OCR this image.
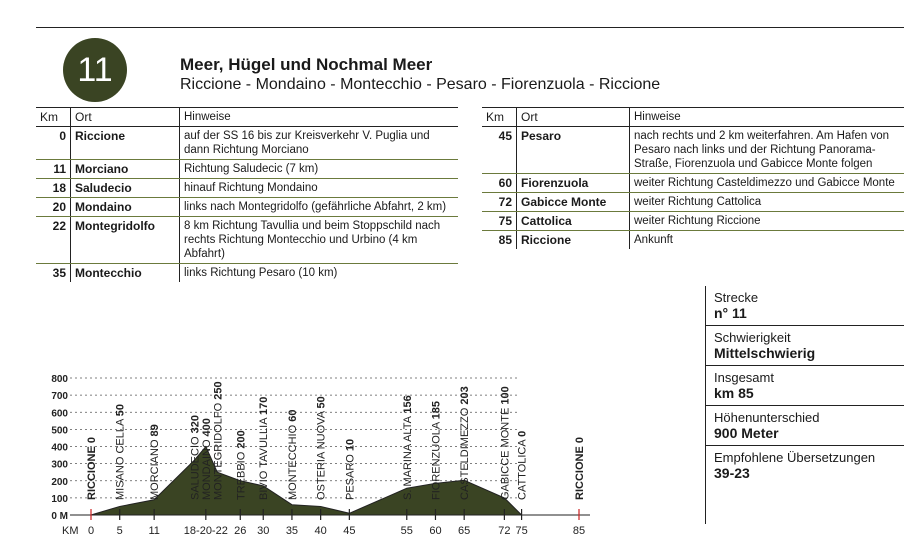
11	Meer, Hügel und Nochmal Meer
Riccione - Mondaino - Montecchio - Pesaro - Fiorenzuola - Riccione
Km	Ort	Hinweise
0	Riccione	auf der SS 16 bis zur Kreisverkehr V. Puglia und dann Richtung Morciano
11	Morciano	Richtung Saludecic (7 km)
18	Saludecio	hinauf Richtung Mondaino
20	Mondaino	links nach Montegridolfo (gefährliche Abfahrt, 2 km)
22	Montegridolfo	8 km Richtung Tavullia und beim Stoppschild nach rechts Richtung Montecchio und Urbino (4 km Abfahrt)
35	Montecchio	links Richtung Pesaro (10 km)
Km	Ort	Hinweise
45	Pesaro	nach rechts und 2 km weiterfahren. Am Hafen von Pesaro nach links und der Richtung Panorama-Straße, Fiorenzuola und Gabicce Monte folgen
60	Fiorenzuola	weiter Richtung Casteldimezzo und Gabicce Monte
72	Gabicce Monte	weiter Richtung Cattolica
75	Cattolica	weiter Richtung Riccione
85	Riccione	Ankunft
Strecke
n° 11
Schwierigkeit
Mittelschwierig
Insgesamt
km 85
Höhenunterschied
900 Meter
Empfohlene Übersetzungen
39-23
0 M
100
200
300
400
500
600
700
800
KM 0 5 11 18-20-22 26 30 35 40 45	55 60 65	72 75	85
RICCIONE 0 MISANO CELLA 50
MORCIANO 89
SALUDECIO 320
MONDAINO 400 MONTEGRIDOLFO 250
TREBBIO 200 BIVIO TAVULLIA 170
MONTECCHIO 60 OSTERIA NUOVA 50
PESARO 10	S. MARINA ALTA 156
FIORENZUOLA 185 CASTELDIMEZZO 203
GABICCE MONTE 100
CATTOLICA 0
RICCIONE 0
